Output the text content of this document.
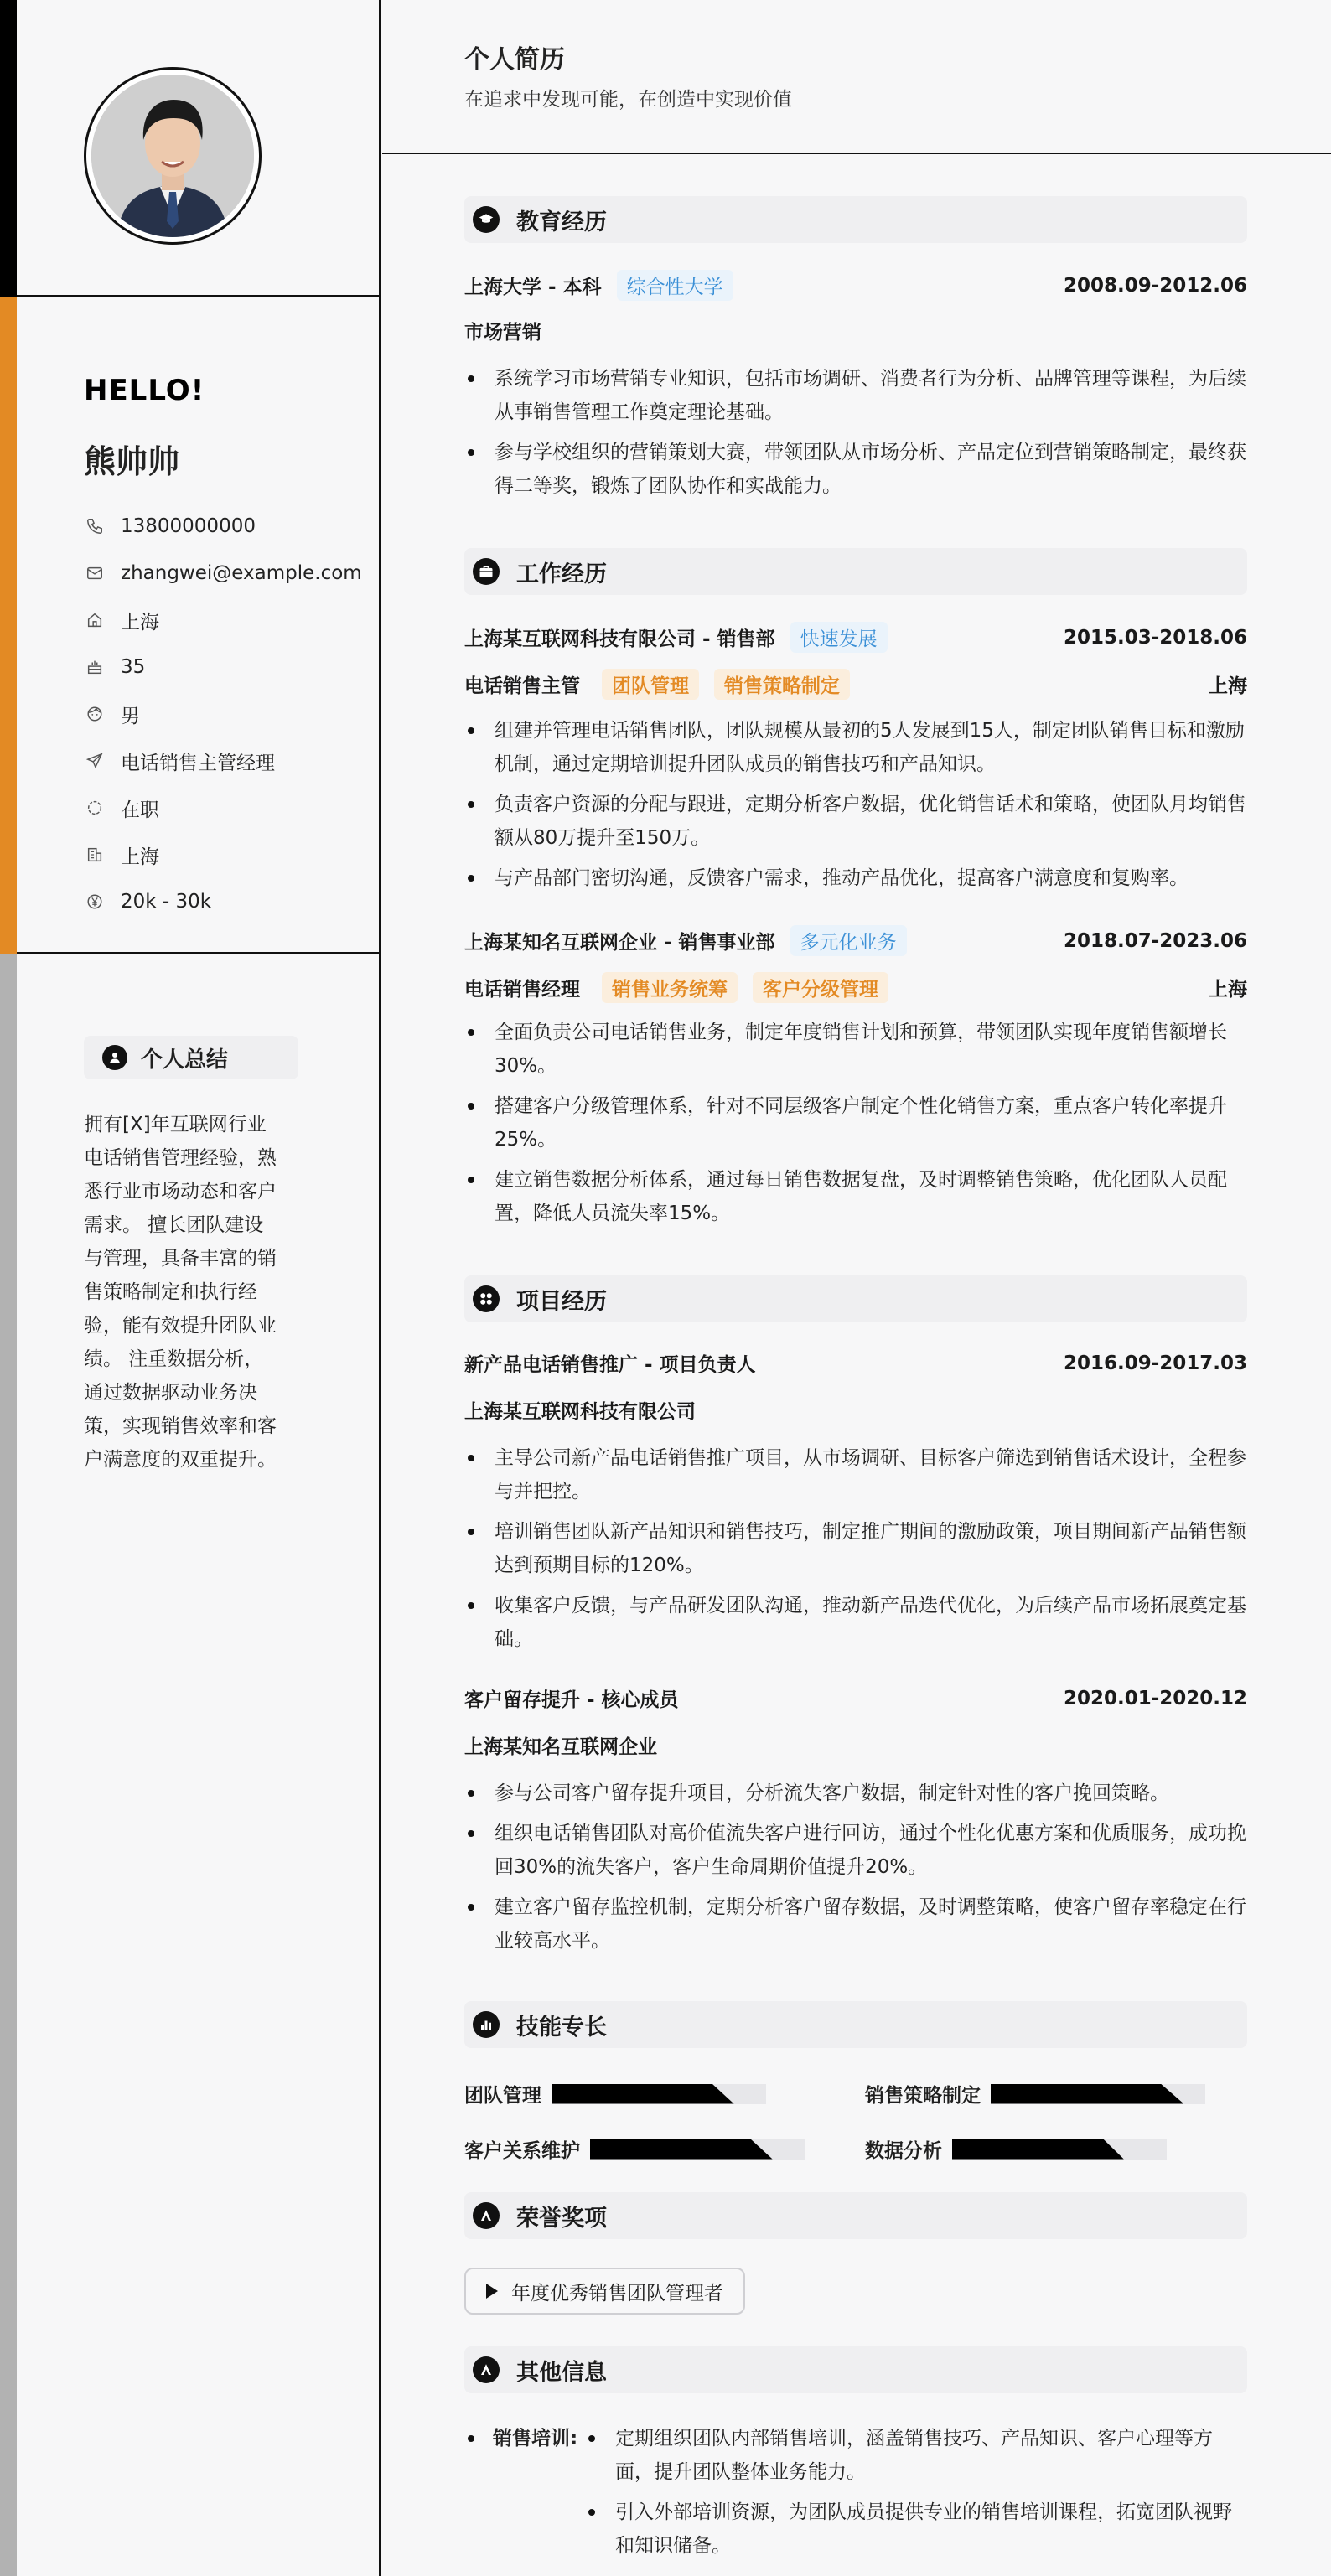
HELLO!
熊帅帅
13800000000
zhangwei@example.com
上海
35
男
电话销售主管经理
在职
上海
20k - 30k
个人总结
拥有[X]年互联网行业电话销售管理经验，熟悉行业市场动态和客户需求。 擅长团队建设与管理，具备丰富的销售策略制定和执行经验，能有效提升团队业绩。 注重数据分析，通过数据驱动业务决策，实现销售效率和客户满意度的双重提升。
个人简历
在追求中发现可能，在创造中实现价值
教育经历
上海大学 - 本科	综合性大学	2008.09-2012.06
市场营销
系统学习市场营销专业知识，包括市场调研、消费者行为分析、品牌管理等课程，为后续从事销售管理工作奠定理论基础。
参与学校组织的营销策划大赛，带领团队从市场分析、产品定位到营销策略制定，最终获得二等奖，锻炼了团队协作和实战能力。
工作经历
上海某互联网科技有限公司 - 销售部	快速发展	2015.03-2018.06
电话销售主管	团队管理	销售策略制定	上海
组建并管理电话销售团队，团队规模从最初的5人发展到15人，制定团队销售目标和激励机制，通过定期培训提升团队成员的销售技巧和产品知识。
负责客户资源的分配与跟进，定期分析客户数据，优化销售话术和策略，使团队月均销售额从80万提升至150万。
与产品部门密切沟通，反馈客户需求，推动产品优化，提高客户满意度和复购率。
上海某知名互联网企业 - 销售事业部	多元化业务	2018.07-2023.06
电话销售经理	销售业务统筹	客户分级管理	上海
全面负责公司电话销售业务，制定年度销售计划和预算，带领团队实现年度销售额增长30%。
搭建客户分级管理体系，针对不同层级客户制定个性化销售方案，重点客户转化率提升25%。
建立销售数据分析体系，通过每日销售数据复盘，及时调整销售策略，优化团队人员配置，降低人员流失率15%。
项目经历
新产品电话销售推广 - 项目负责人	2016.09-2017.03
上海某互联网科技有限公司
主导公司新产品电话销售推广项目，从市场调研、目标客户筛选到销售话术设计，全程参与并把控。
培训销售团队新产品知识和销售技巧，制定推广期间的激励政策，项目期间新产品销售额达到预期目标的120%。
收集客户反馈，与产品研发团队沟通，推动新产品迭代优化，为后续产品市场拓展奠定基础。
客户留存提升 - 核心成员	2020.01-2020.12
上海某知名互联网企业
参与公司客户留存提升项目，分析流失客户数据，制定针对性的客户挽回策略。
组织电话销售团队对高价值流失客户进行回访，通过个性化优惠方案和优质服务，成功挽回30%的流失客户，客户生命周期价值提升20%。
建立客户留存监控机制，定期分析客户留存数据，及时调整策略，使客户留存率稳定在行业较高水平。
技能专长
团队管理	销售策略制定
客户关系维护	数据分析
荣誉奖项
年度优秀销售团队管理者
其他信息
销售培训:	定期组织团队内部销售培训，涵盖销售技巧、产品知识、客户心理等方面，提升团队整体业务能力。
引入外部培训资源，为团队成员提供专业的销售培训课程，拓宽团队视野和知识储备。
